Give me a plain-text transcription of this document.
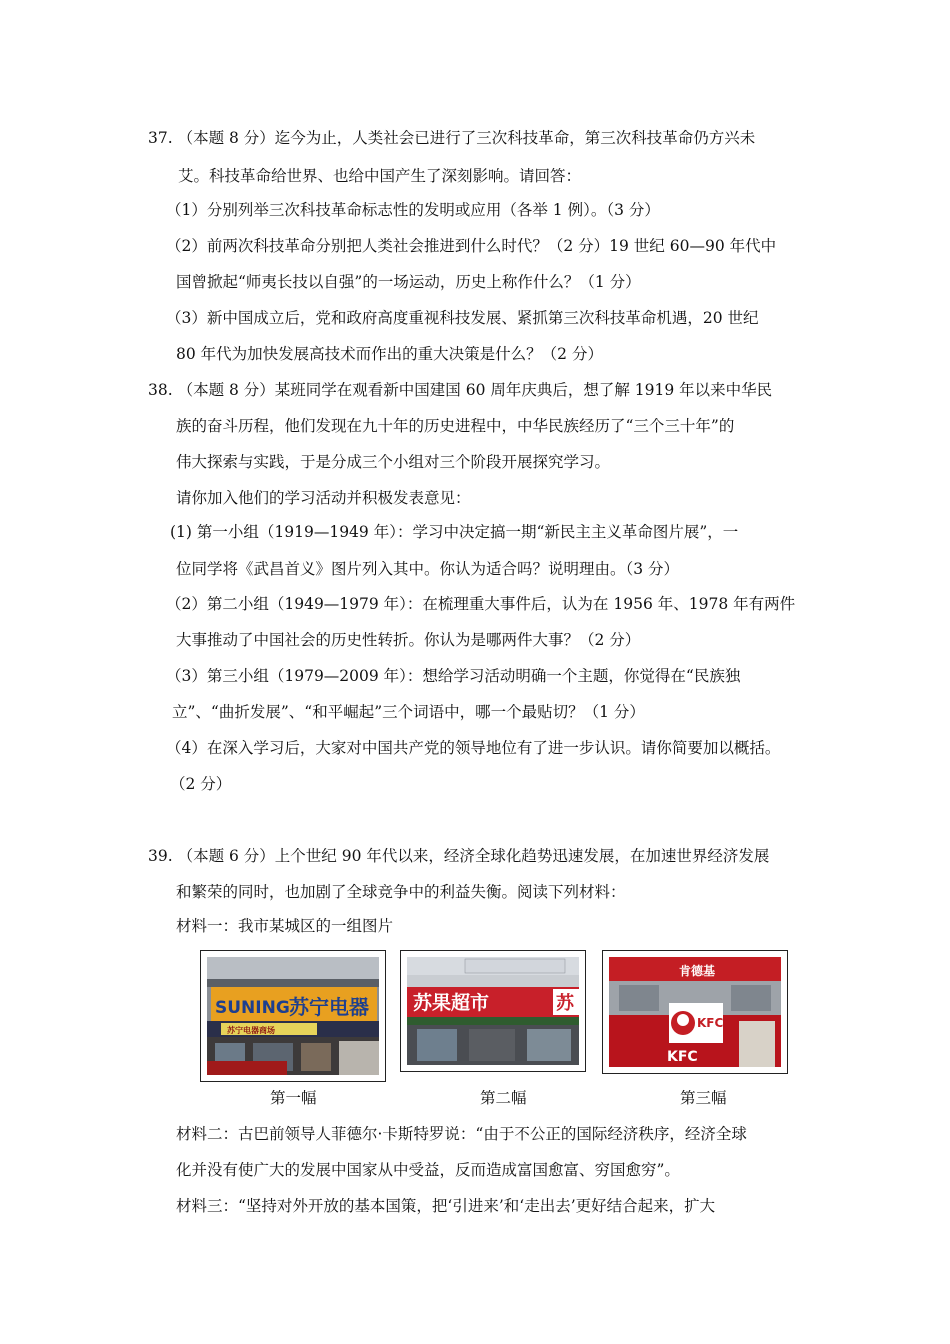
37. （本题 8 分）迄今为止，人类社会已进行了三次科技革命，第三次科技革命仍方兴未
艾。科技革命给世界、也给中国产生了深刻影响。请回答：
（1）分别列举三次科技革命标志性的发明或应用（各举 1 例）。（3 分）
（2）前两次科技革命分别把人类社会推进到什么时代？（2 分）19 世纪 60—90 年代中
国曾掀起“师夷长技以自强”的一场运动，历史上称作什么？（1 分）
（3）新中国成立后，党和政府高度重视科技发展、紧抓第三次科技革命机遇，20 世纪
80 年代为加快发展高技术而作出的重大决策是什么？（2 分）
38. （本题 8 分）某班同学在观看新中国建国 60 周年庆典后，想了解 1919 年以来中华民
族的奋斗历程，他们发现在九十年的历史进程中，中华民族经历了“三个三十年”的
伟大探索与实践，于是分成三个小组对三个阶段开展探究学习。
请你加入他们的学习活动并积极发表意见：
(1) 第一小组（1919—1949 年）：学习中决定搞一期“新民主主义革命图片展”，一
位同学将《武昌首义》图片列入其中。你认为适合吗？说明理由。（3 分）
（2）第二小组（1949—1979 年）：在梳理重大事件后，认为在 1956 年、1978 年有两件
大事推动了中国社会的历史性转折。你认为是哪两件大事？（2 分）
（3）第三小组（1979—2009 年）：想给学习活动明确一个主题，你觉得在“民族独
立”、“曲折发展”、“和平崛起”三个词语中，哪一个最贴切？（1 分）
（4）在深入学习后，大家对中国共产党的领导地位有了进一步认识。请你简要加以概括。
（2 分）
39. （本题 6 分）上个世纪 90 年代以来，经济全球化趋势迅速发展，在加速世界经济发展
和繁荣的同时，也加剧了全球竞争中的利益失衡。阅读下列材料：
材料一：我市某城区的一组图片
SUNING 苏宁电器
苏宁电器商场
苏果超市	苏
肯德基
KFC
KFC
第一幅	第二幅	第三幅
材料二：古巴前领导人菲德尔·卡斯特罗说：“由于不公正的国际经济秩序，经济全球
化并没有使广大的发展中国家从中受益，反而造成富国愈富、穷国愈穷”。
材料三：“坚持对外开放的基本国策，把‘引进来’和‘走出去’更好结合起来，扩大
